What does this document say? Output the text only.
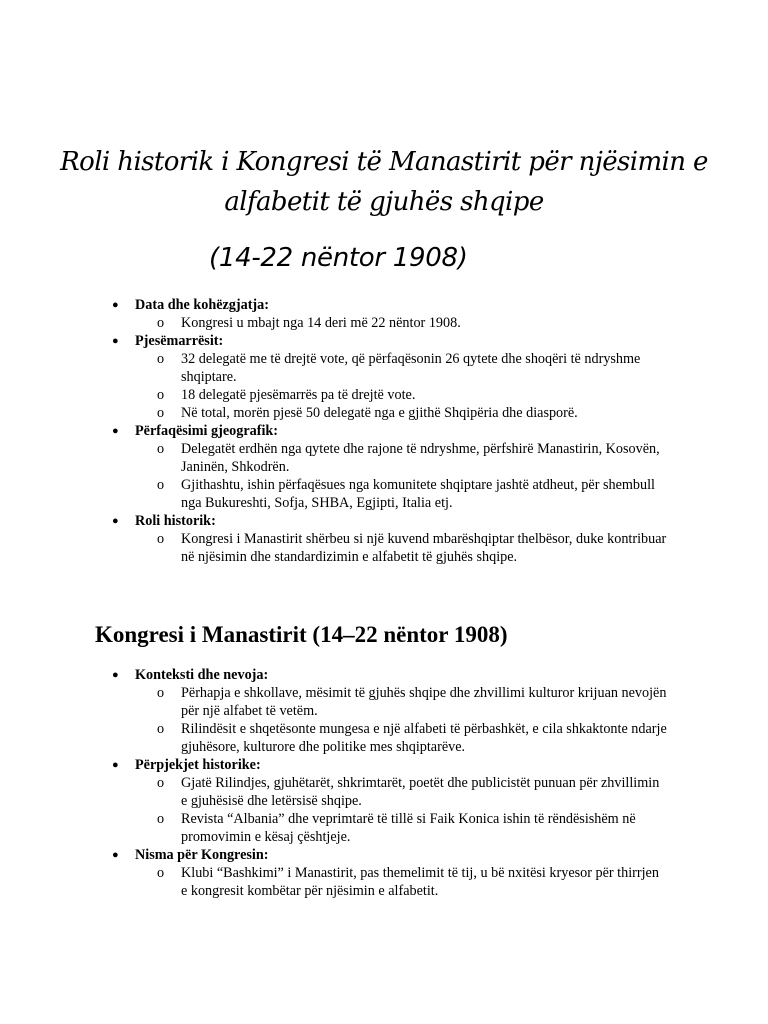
Roli historik i Kongresi të Manastirit për njësimin e alfabetit të gjuhës shqipe
(14-22 nëntor 1908)
● Data dhe kohëzgjatja:
o Kongresi u mbajt nga 14 deri më 22 nëntor 1908.
● Pjesëmarrësit:
o 32 delegatë me të drejtë vote, që përfaqësonin 26 qytete dhe shoqëri të ndryshme shqiptare.
o 18 delegatë pjesëmarrës pa të drejtë vote.
o Në total, morën pjesë 50 delegatë nga e gjithë Shqipëria dhe diasporë.
● Përfaqësimi gjeografik:
o Delegatët erdhën nga qytete dhe rajone të ndryshme, përfshirë Manastirin, Kosovën, Janinën, Shkodrën.
o Gjithashtu, ishin përfaqësues nga komunitete shqiptare jashtë atdheut, për shembull nga Bukureshti, Sofja, SHBA, Egjipti, Italia etj.
● Roli historik:
o Kongresi i Manastirit shërbeu si një kuvend mbarëshqiptar thelbësor, duke kontribuar në njësimin dhe standardizimin e alfabetit të gjuhës shqipe.
Kongresi i Manastirit (14–22 nëntor 1908)
● Konteksti dhe nevoja:
o Përhapja e shkollave, mësimit të gjuhës shqipe dhe zhvillimi kulturor krijuan nevojën për një alfabet të vetëm.
o Rilindësit e shqetësonte mungesa e një alfabeti të përbashkët, e cila shkaktonte ndarje gjuhësore, kulturore dhe politike mes shqiptarëve.
● Përpjekjet historike:
o Gjatë Rilindjes, gjuhëtarët, shkrimtarët, poetët dhe publicistët punuan për zhvillimin e gjuhësisë dhe letërsisë shqipe.
o Revista “Albania” dhe veprimtarë të tillë si Faik Konica ishin të rëndësishëm në promovimin e kësaj çështjeje.
● Nisma për Kongresin:
o Klubi “Bashkimi” i Manastirit, pas themelimit të tij, u bë nxitësi kryesor për thirrjen e kongresit kombëtar për njësimin e alfabetit.
